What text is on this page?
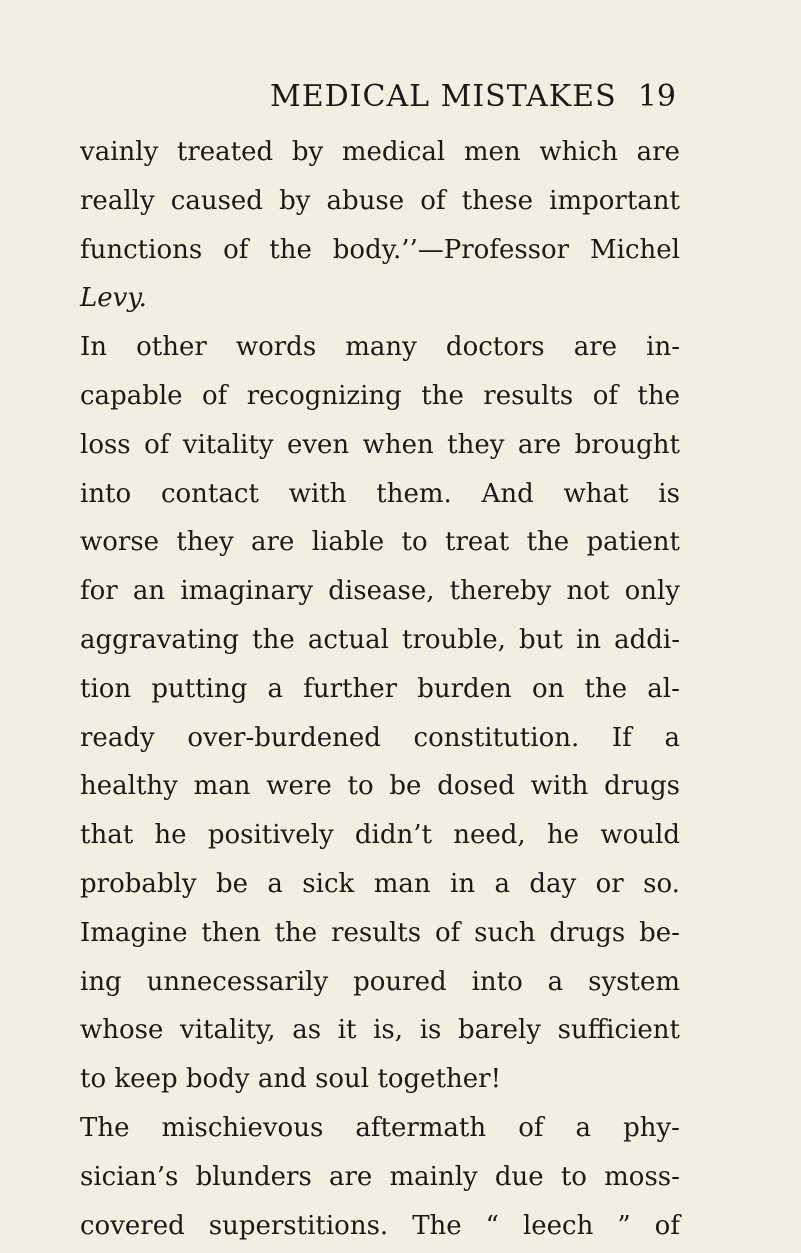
MEDICAL MISTAKES 19
vainly treated by medical men which are
really caused by abuse of these important
functions of the body.’’—Professor Michel
Levy.
In other words many doctors are in-
capable of recognizing the results of the
loss of vitality even when they are brought
into contact with them. And what is
worse they are liable to treat the patient
for an imaginary disease, thereby not only
aggravating the actual trouble, but in addi-
tion putting a further burden on the al-
ready over-burdened constitution. If a
healthy man were to be dosed with drugs
that he positively didn’t need, he would
probably be a sick man in a day or so.
Imagine then the results of such drugs be-
ing unnecessarily poured into a system
whose vitality, as it is, is barely sufficient
to keep body and soul together!
The mischievous aftermath of a phy-
sician’s blunders are mainly due to moss-
covered superstitions. The “ leech ” of
